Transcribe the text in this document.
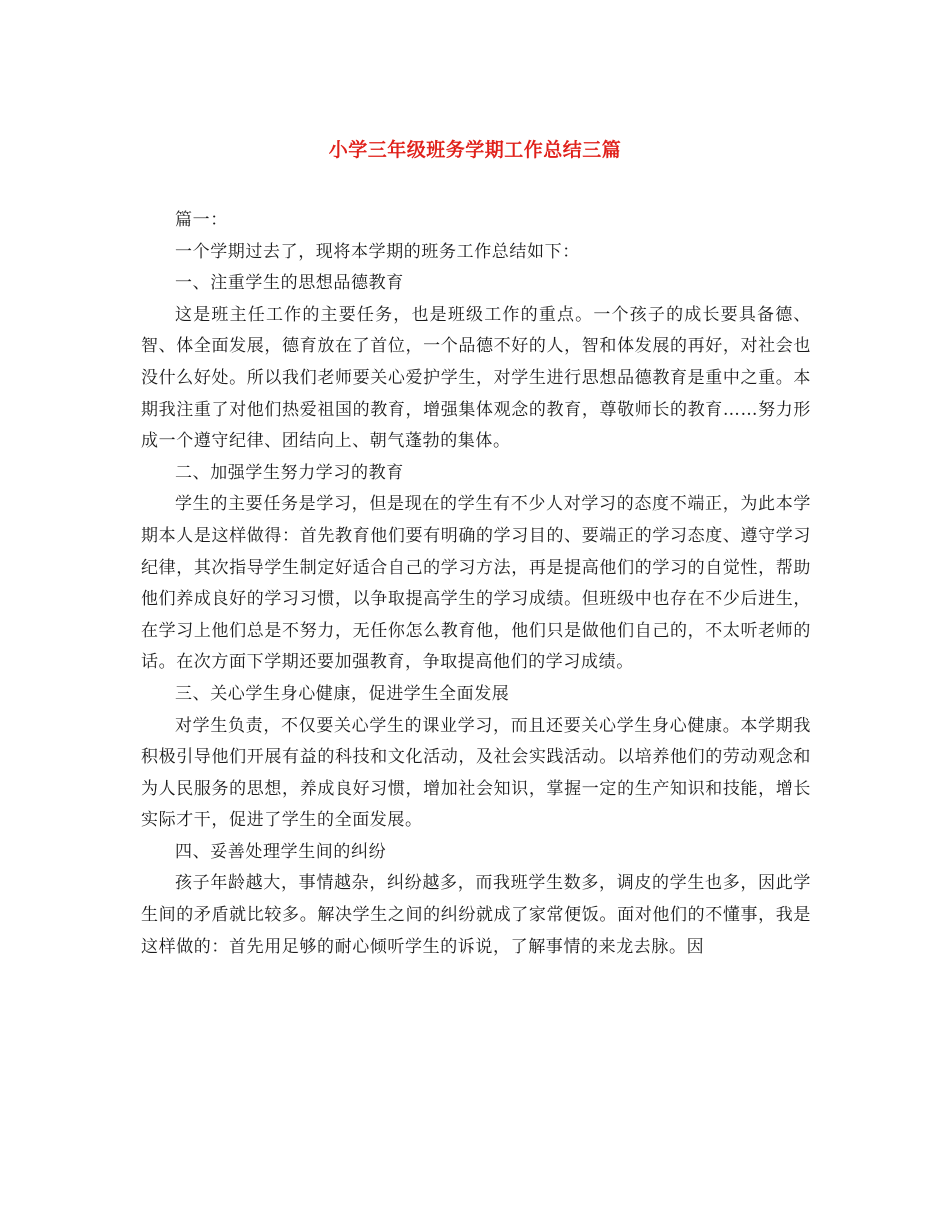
小学三年级班务学期工作总结三篇

篇一：

一个学期过去了，现将本学期的班务工作总结如下：

一、注重学生的思想品德教育

这是班主任工作的主要任务，也是班级工作的重点。一个孩子的成长要具备德、智、体全面发展，德育放在了首位，一个品德不好的人，智和体发展的再好，对社会也没什么好处。所以我们老师要关心爱护学生，对学生进行思想品德教育是重中之重。本期我注重了对他们热爱祖国的教育，增强集体观念的教育，尊敬师长的教育……努力形成一个遵守纪律、团结向上、朝气蓬勃的集体。

二、加强学生努力学习的教育

学生的主要任务是学习，但是现在的学生有不少人对学习的态度不端正，为此本学期本人是这样做得：首先教育他们要有明确的学习目的、要端正的学习态度、遵守学习纪律，其次指导学生制定好适合自己的学习方法，再是提高他们的学习的自觉性，帮助他们养成良好的学习习惯，以争取提高学生的学习成绩。但班级中也存在不少后进生，在学习上他们总是不努力，无任你怎么教育他，他们只是做他们自己的，不太听老师的话。在次方面下学期还要加强教育，争取提高他们的学习成绩。

三、关心学生身心健康，促进学生全面发展

对学生负责，不仅要关心学生的课业学习，而且还要关心学生身心健康。本学期我积极引导他们开展有益的科技和文化活动，及社会实践活动。以培养他们的劳动观念和为人民服务的思想，养成良好习惯，增加社会知识，掌握一定的生产知识和技能，增长实际才干，促进了学生的全面发展。

四、妥善处理学生间的纠纷

孩子年龄越大，事情越杂，纠纷越多，而我班学生数多，调皮的学生也多，因此学生间的矛盾就比较多。解决学生之间的纠纷就成了家常便饭。面对他们的不懂事，我是这样做的：首先用足够的耐心倾听学生的诉说，了解事情的来龙去脉。因
